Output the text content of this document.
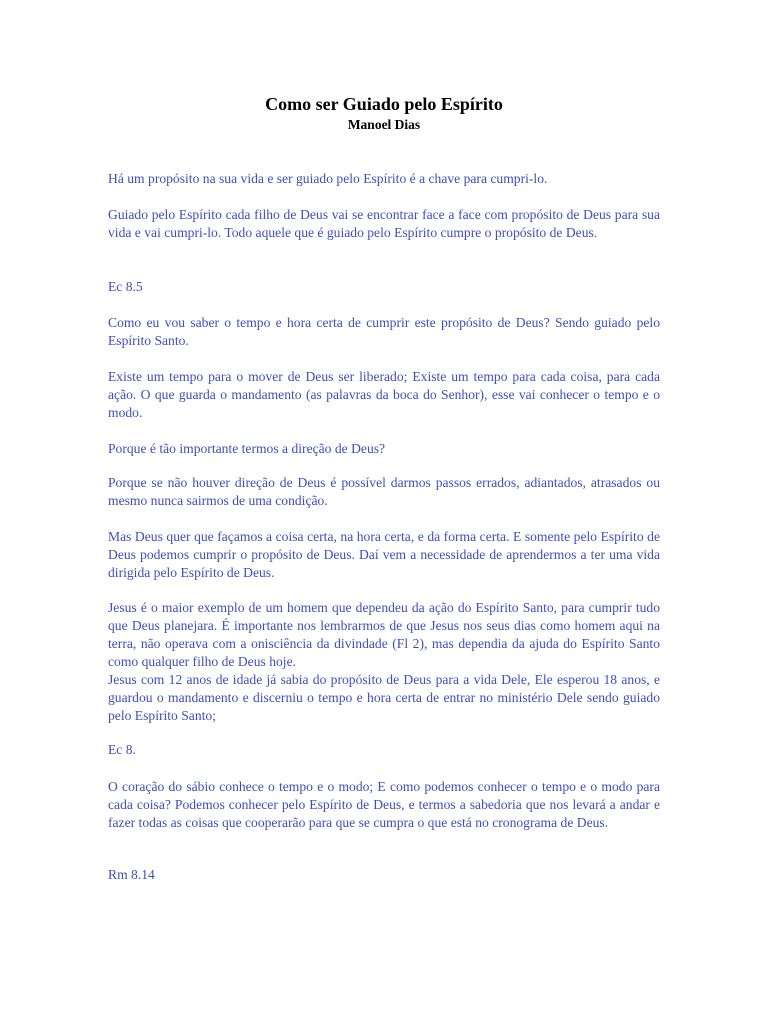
Como ser Guiado pelo Espírito
Manoel Dias

Há um propósito na sua vida e ser guiado pelo Espírito é a chave para cumpri-lo.

Guiado pelo Espírito cada filho de Deus vai se encontrar face a face com propósito de Deus para sua vida e vai cumpri-lo. Todo aquele que é guiado pelo Espírito cumpre o propósito de Deus.

Ec 8.5

Como eu vou saber o tempo e hora certa de cumprir este propósito de Deus? Sendo guiado pelo Espírito Santo.

Existe um tempo para o mover de Deus ser liberado; Existe um tempo para cada coisa, para cada ação. O que guarda o mandamento (as palavras da boca do Senhor), esse vai conhecer o tempo e o modo.

Porque é tão importante termos a direção de Deus?

Porque se não houver direção de Deus é possível darmos passos errados, adiantados, atrasados ou mesmo nunca sairmos de uma condição.

Mas Deus quer que façamos a coisa certa, na hora certa, e da forma certa. E somente pelo Espírito de Deus podemos cumprir o propósito de Deus. Daí vem a necessidade de aprendermos a ter uma vida dirigida pelo Espírito de Deus.

Jesus é o maior exemplo de um homem que dependeu da ação do Espírito Santo, para cumprir tudo que Deus planejara. É importante nos lembrarmos de que Jesus nos seus dias como homem aqui na terra, não operava com a onisciência da divindade (Fl 2), mas dependia da ajuda do Espírito Santo como qualquer filho de Deus hoje.
Jesus com 12 anos de idade já sabia do propósito de Deus para a vida Dele, Ele esperou 18 anos, e guardou o mandamento e discerniu o tempo e hora certa de entrar no ministério Dele sendo guiado pelo Espírito Santo;

Ec 8.

O coração do sábio conhece o tempo e o modo; E como podemos conhecer o tempo e o modo para cada coisa? Podemos conhecer pelo Espírito de Deus, e termos a sabedoria que nos levará a andar e fazer todas as coisas que cooperarão para que se cumpra o que está no cronograma de Deus.

Rm 8.14
